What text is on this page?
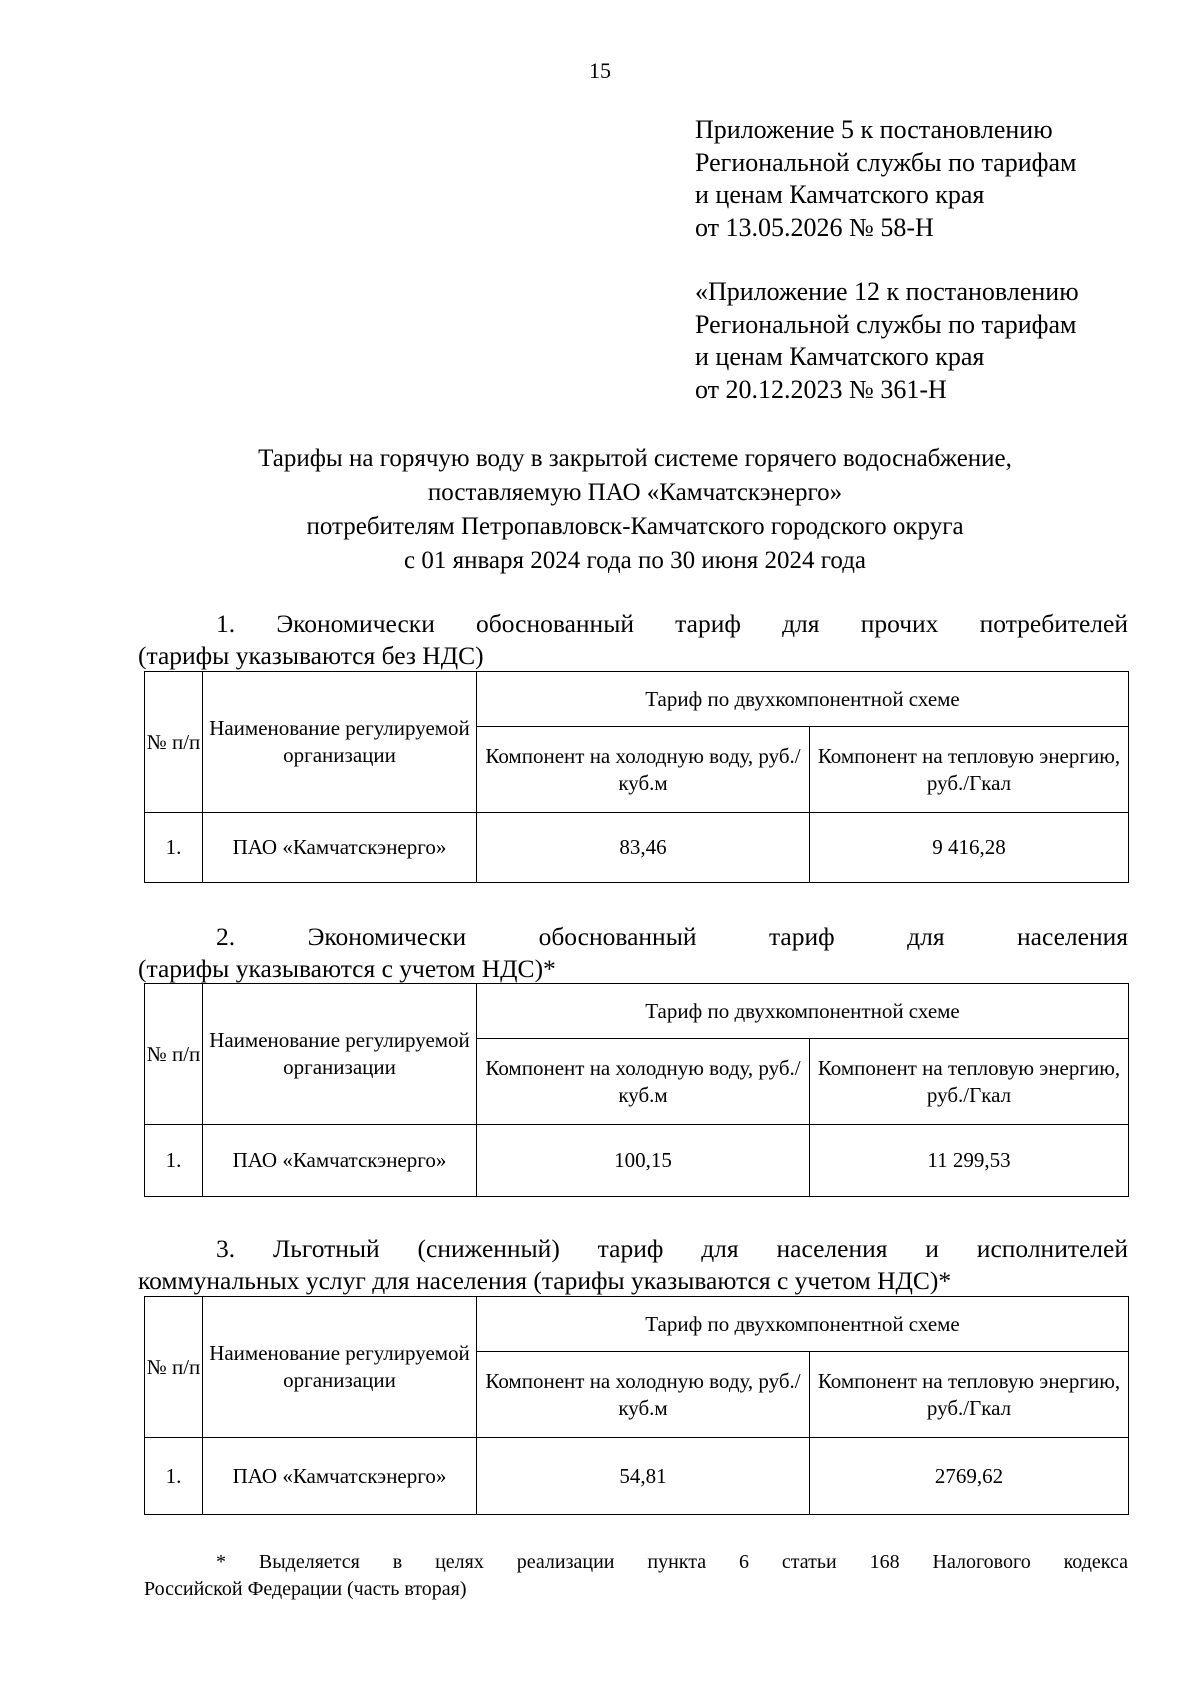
15
Приложение 5 к постановлению
Региональной службы по тарифам
и ценам Камчатского края
от 13.05.2026 № 58-Н
«Приложение 12 к постановлению
Региональной службы по тарифам
и ценам Камчатского края
от 20.12.2023 № 361-Н
Тарифы на горячую воду в закрытой системе горячего водоснабжение,
поставляемую ПАО «Камчатскэнерго»
потребителям Петропавловск-Камчатского городского округа
с 01 января 2024 года по 30 июня 2024 года
1. Экономически обоснованный тариф для прочих потребителей
(тарифы указываются без НДС)
№ п/п	Наименование регулируемой организации	Тариф по двухкомпонентной схеме	
		Компонент на холодную воду, руб./куб.м	Компонент на тепловую энергию, руб./Гкал
1.	ПАО «Камчатскэнерго»	83,46	9 416,28
2. Экономически обоснованный тариф для населения
(тарифы указываются с учетом НДС)*
№ п/п	Наименование регулируемой организации	Тариф по двухкомпонентной схеме	
		Компонент на холодную воду, руб./куб.м	Компонент на тепловую энергию, руб./Гкал
1.	ПАО «Камчатскэнерго»	100,15	11 299,53
3. Льготный (сниженный) тариф для населения и исполнителей
коммунальных услуг для населения (тарифы указываются с учетом НДС)*
№ п/п	Наименование регулируемой организации	Тариф по двухкомпонентной схеме	
		Компонент на холодную воду, руб./куб.м	Компонент на тепловую энергию, руб./Гкал
1.	ПАО «Камчатскэнерго»	54,81	2769,62
* Выделяется в целях реализации пункта 6 статьи 168 Налогового кодекса
Российской Федерации (часть вторая)
